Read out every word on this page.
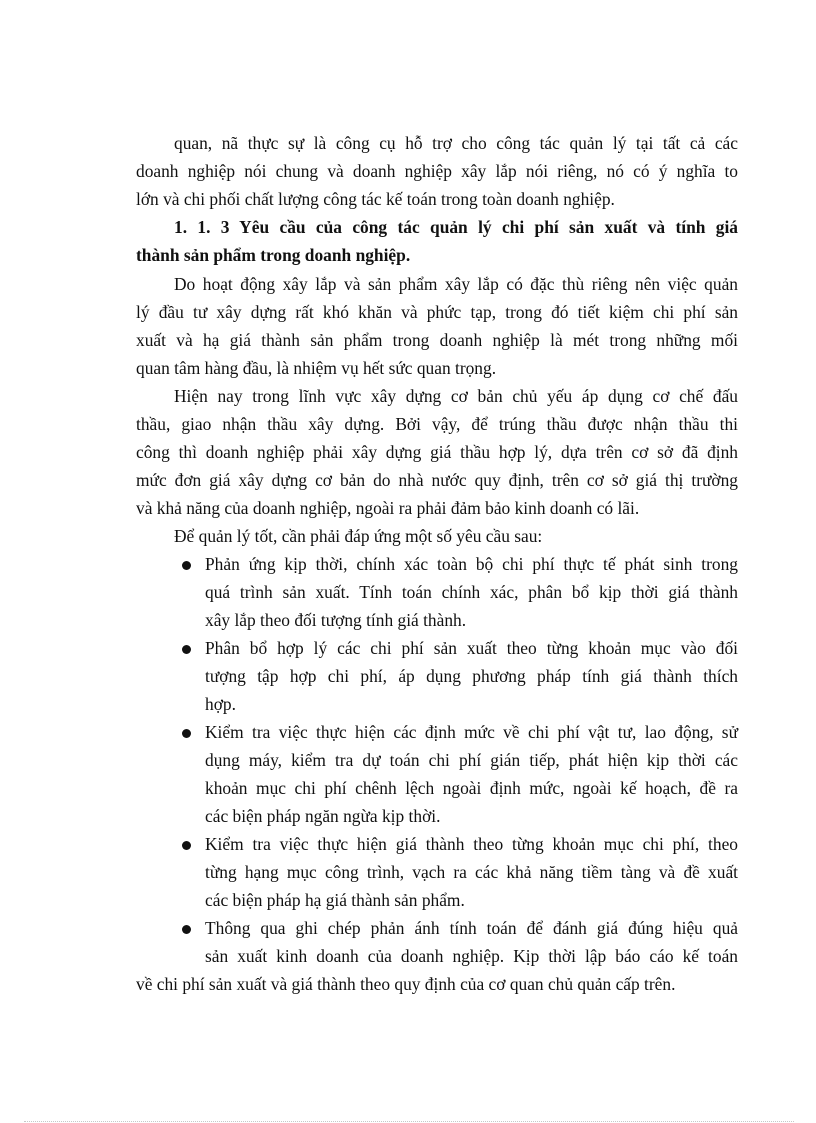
quan, nã thực sự là công cụ hỗ trợ cho công tác quản lý tại tất cả các
doanh nghiệp nói chung và doanh nghiệp xây lắp nói riêng, nó có ý nghĩa to
lớn và chi phối chất lượng công tác kế toán trong toàn doanh nghiệp.
1. 1. 3 Yêu cầu của công tác quản lý chi phí sản xuất và tính giá
thành sản phẩm trong doanh nghiệp.
Do hoạt động xây lắp và sản phẩm xây lắp có đặc thù riêng nên việc quản
lý đầu tư xây dựng rất khó khăn và phức tạp, trong đó tiết kiệm chi phí sản
xuất và hạ giá thành sản phẩm trong doanh nghiệp là mét trong những mối
quan tâm hàng đầu, là nhiệm vụ hết sức quan trọng.
Hiện nay trong lĩnh vực xây dựng cơ bản chủ yếu áp dụng cơ chế đấu
thầu, giao nhận thầu xây dựng. Bởi vậy, để trúng thầu được nhận thầu thi
công thì doanh nghiệp phải xây dựng giá thầu hợp lý, dựa trên cơ sở đã định
mức đơn giá xây dựng cơ bản do nhà nước quy định, trên cơ sở giá thị trường
và khả năng của doanh nghiệp, ngoài ra phải đảm bảo kinh doanh có lãi.
Để quản lý tốt, cần phải đáp ứng một số yêu cầu sau:
Phản ứng kịp thời, chính xác toàn bộ chi phí thực tế phát sinh trong
quá trình sản xuất. Tính toán chính xác, phân bổ kịp thời giá thành
xây lắp theo đối tượng tính giá thành.
Phân bổ hợp lý các chi phí sản xuất theo từng khoản mục vào đối
tượng tập hợp chi phí, áp dụng phương pháp tính giá thành thích
hợp.
Kiểm tra việc thực hiện các định mức về chi phí vật tư, lao động, sử
dụng máy, kiểm tra dự toán chi phí gián tiếp, phát hiện kịp thời các
khoản mục chi phí chênh lệch ngoài định mức, ngoài kế hoạch, đề ra
các biện pháp ngăn ngừa kịp thời.
Kiểm tra việc thực hiện giá thành theo từng khoản mục chi phí, theo
từng hạng mục công trình, vạch ra các khả năng tiềm tàng và đề xuất
các biện pháp hạ giá thành sản phẩm.
Thông qua ghi chép phản ánh tính toán để đánh giá đúng hiệu quả
sản xuất kinh doanh của doanh nghiệp. Kịp thời lập báo cáo kế toán
về chi phí sản xuất và giá thành theo quy định của cơ quan chủ quản cấp trên.
